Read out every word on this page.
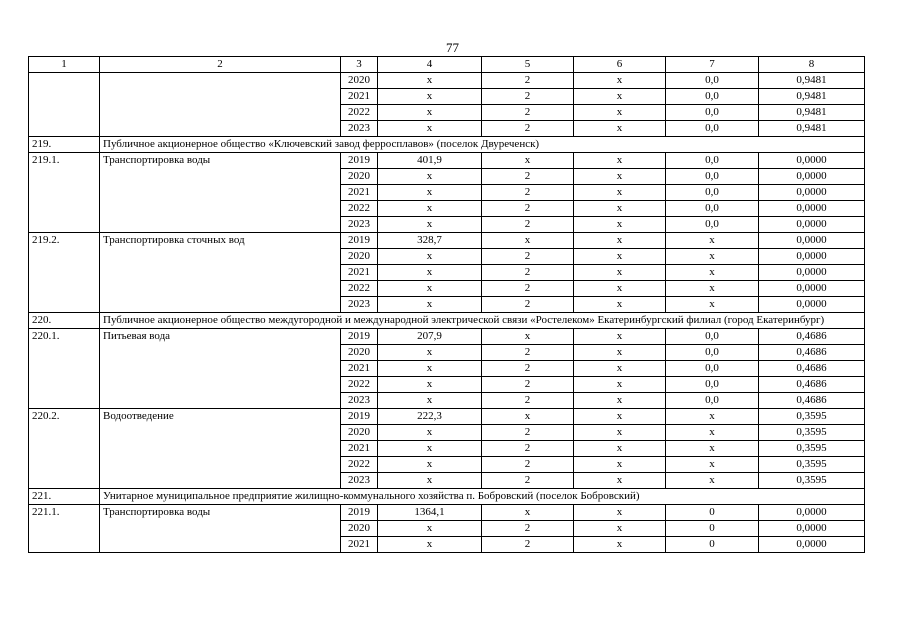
77
1	2	3	4	5	6	7	8
		2020	x	2	x	0,0	0,9481
		2021	x	2	x	0,0	0,9481
		2022	x	2	x	0,0	0,9481
		2023	x	2	x	0,0	0,9481
219.	Публичное акционерное общество «Ключевский завод ферросплавов» (поселок Двуреченск)						
219.1.	Транспортировка воды	2019	401,9	x	x	0,0	0,0000
		2020	x	2	x	0,0	0,0000
		2021	x	2	x	0,0	0,0000
		2022	x	2	x	0,0	0,0000
		2023	x	2	x	0,0	0,0000
219.2.	Транспортировка сточных вод	2019	328,7	x	x	x	0,0000
		2020	x	2	x	x	0,0000
		2021	x	2	x	x	0,0000
		2022	x	2	x	x	0,0000
		2023	x	2	x	x	0,0000
220.	Публичное акционерное общество междугородной и международной электрической связи «Ростелеком» Екатеринбургский филиал (город Екатеринбург)						
220.1.	Питьевая вода	2019	207,9	x	x	0,0	0,4686
		2020	x	2	x	0,0	0,4686
		2021	x	2	x	0,0	0,4686
		2022	x	2	x	0,0	0,4686
		2023	x	2	x	0,0	0,4686
220.2.	Водоотведение	2019	222,3	x	x	x	0,3595
		2020	x	2	x	x	0,3595
		2021	x	2	x	x	0,3595
		2022	x	2	x	x	0,3595
		2023	x	2	x	x	0,3595
221.	Унитарное муниципальное предприятие жилищно-коммунального хозяйства п. Бобровский (поселок Бобровский)						
221.1.	Транспортировка воды	2019	1364,1	x	x	0	0,0000
		2020	x	2	x	0	0,0000
		2021	x	2	x	0	0,0000
